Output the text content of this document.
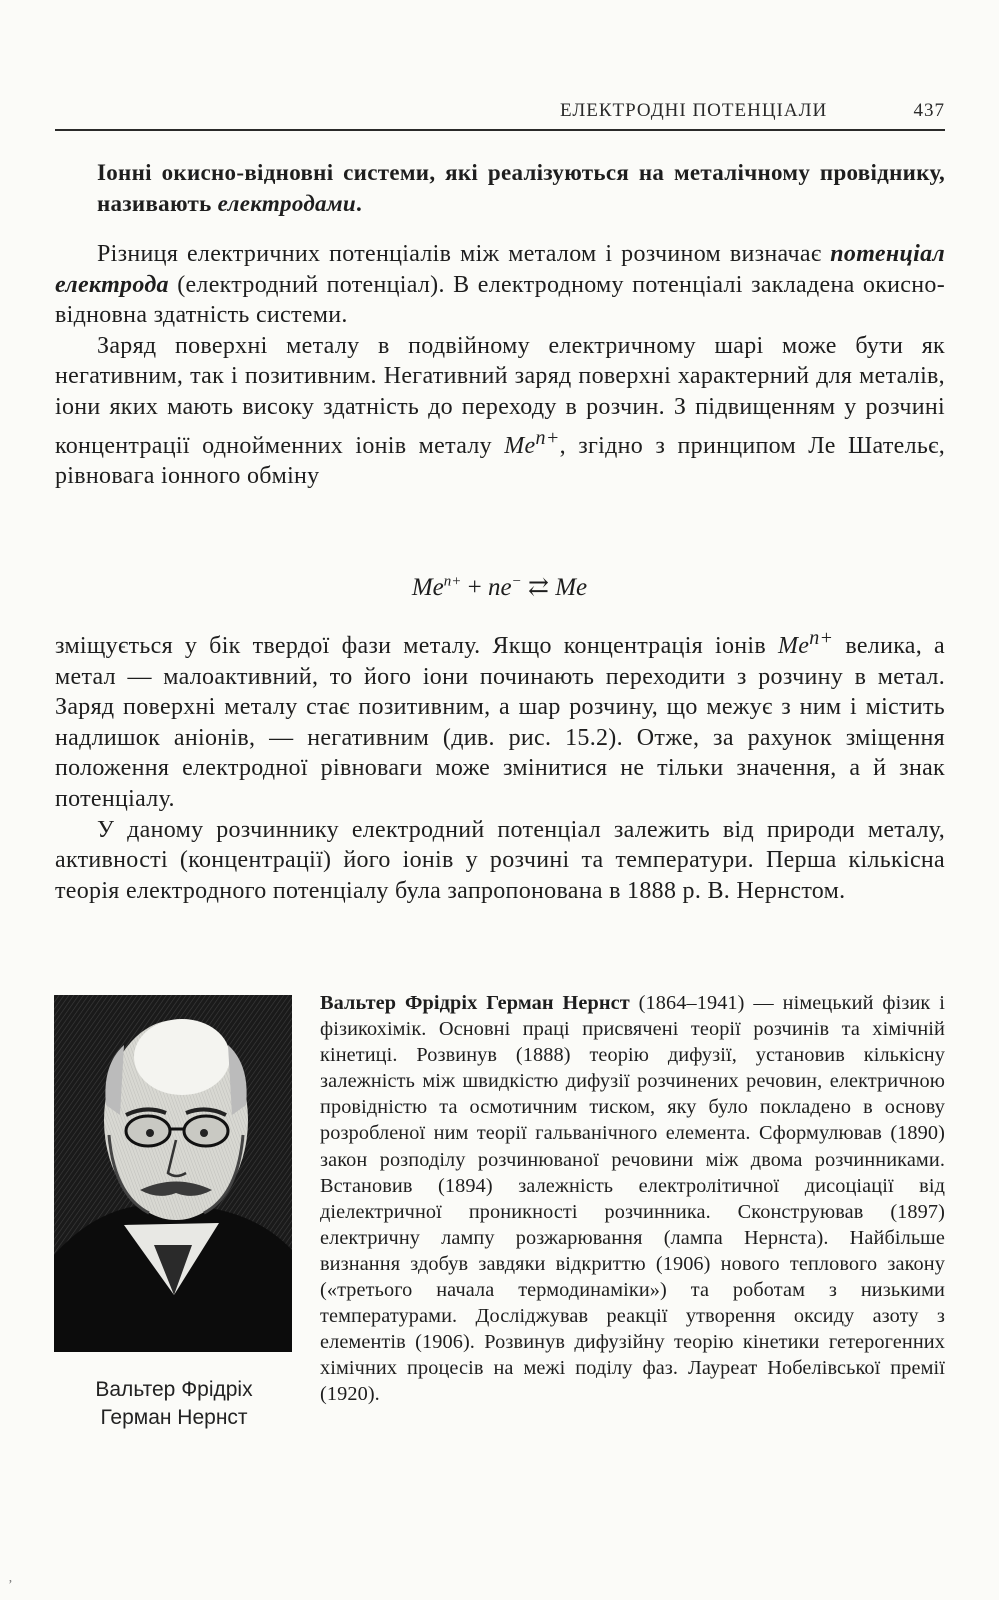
ЕЛЕКТРОДНІ ПОТЕНЦІАЛИ	437

Іонні окисно-відновні системи, які реалізуються на металічному провіднику, називають електродами.

Різниця електричних потенціалів між металом і розчином визначає потенціал електрода (електродний потенціал). В електродному потенціалі закладена окисно-відновна здатність системи.

Заряд поверхні металу в подвійному електричному шарі може бути як негативним, так і позитивним. Негативний заряд поверхні характерний для металів, іони яких мають високу здатність до переходу в розчин. З підвищенням у розчині концентрації однойменних іонів металу $Me^{n+}$, згідно з принципом Ле Шательє, рівновага іонного обміну

$Me^{n+} + ne^-$ ⇄ Me

зміщується у бік твердої фази металу. Якщо концентрація іонів $Me^{n+}$ велика, а метал — малоактивний, то його іони починають переходити з розчину в метал. Заряд поверхні металу стає позитивним, а шар розчину, що межує з ним і містить надлишок аніонів, — негативним (див. рис. 15.2). Отже, за рахунок зміщення положення електродної рівноваги може змінитися не тільки значення, а й знак потенціалу.

У даному розчиннику електродний потенціал залежить від природи металу, активності (концентрації) його іонів у розчині та температури. Перша кількісна теорія електродного потенціалу була запропонована в 1888 р. В. Нернстом.

Вальтер Фрідріх
Герман Нернст

Вальтер Фрідріх Герман Нернст (1864–1941) — німецький фізик і фізикохімік. Основні праці присвячені теорії розчинів та хімічній кінетиці. Розвинув (1888) теорію дифузії, установив кількісну залежність між швидкістю дифузії розчинених речовин, електричною провідністю та осмотичним тиском, яку було покладено в основу розробленої ним теорії гальванічного елемента. Сформулював (1890) закон розподілу розчинюваної речовини між двома розчинниками. Встановив (1894) залежність електролітичної дисоціації від діелектричної проникності розчинника. Сконструював (1897) електричну лампу розжарювання (лампа Нернста). Найбільше визнання здобув завдяки відкриттю (1906) нового теплового закону («третього начала термодинаміки») та роботам з низькими температурами. Досліджував реакції утворення оксиду азоту з елементів (1906). Розвинув дифузійну теорію кінетики гетерогенних хімічних процесів на межі поділу фаз. Лауреат Нобелівської премії (1920).

ʼ
